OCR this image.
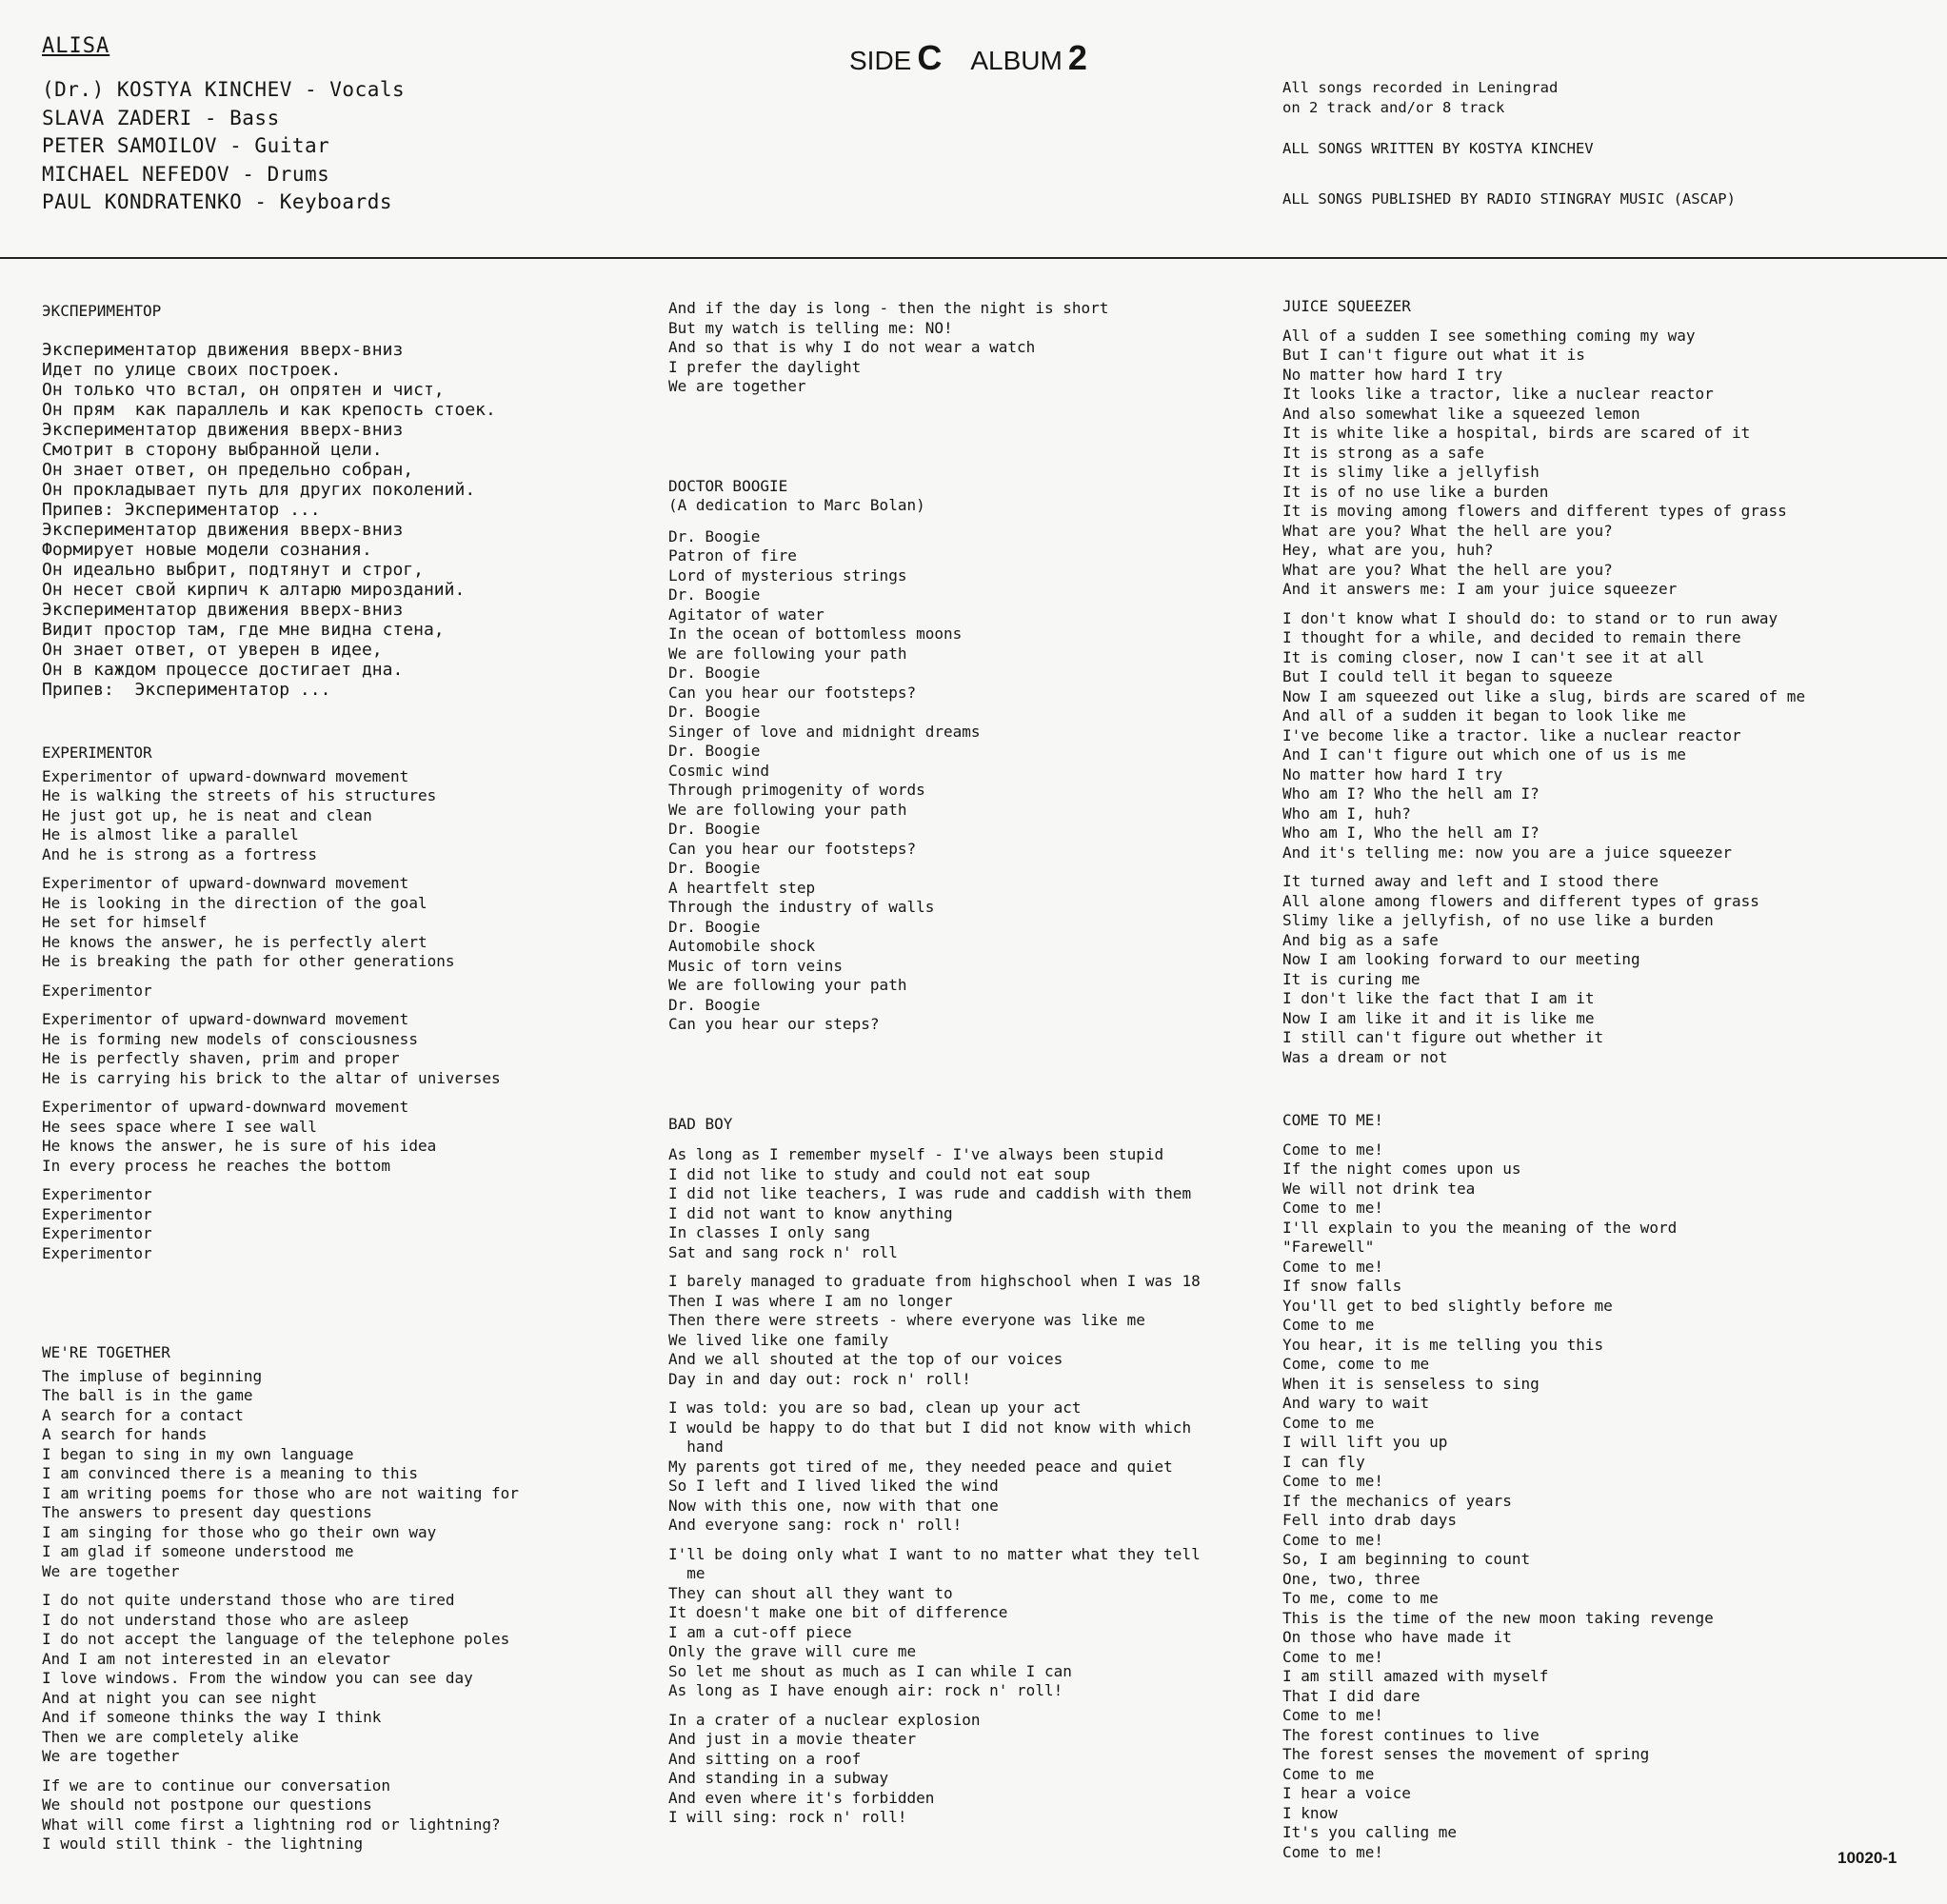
ALISA
(Dr.) KOSTYA KINCHEV - Vocals
SLAVA ZADERI - Bass
PETER SAMOILOV - Guitar
MICHAEL NEFEDOV - Drums
PAUL KONDRATENKO - Keyboards
SIDE C ALBUM 2
All songs recorded in Leningrad
on 2 track and/or 8 track
ALL SONGS WRITTEN BY KOSTYA KINCHEV
ALL SONGS PUBLISHED BY RADIO STINGRAY MUSIC (ASCAP)
ЭКСПЕРИМЕНТОР
Экспериментатор движения вверх-вниз
Идет по улице своих построек.
Он только что встал, он опрятен и чист,
Он прям  как параллель и как крепость стоек.
Экспериментатор движения вверх-вниз
Смотрит в сторону выбранной цели.
Он знает ответ, он предельно собран,
Он прокладывает путь для других поколений.
Припев: Экспериментатор ...
Экспериментатор движения вверх-вниз
Формирует новые модели сознания.
Он идеально выбрит, подтянут и строг,
Он несет свой кирпич к алтарю мирозданий.
Экспериментатор движения вверх-вниз
Видит простор там, где мне видна стена,
Он знает ответ, от уверен в идее,
Он в каждом процессе достигает дна.
Припев:  Экспериментатор ...
EXPERIMENTOR
Experimentor of upward-downward movement
He is walking the streets of his structures
He just got up, he is neat and clean
He is almost like a parallel
And he is strong as a fortress
Experimentor of upward-downward movement
He is looking in the direction of the goal
He set for himself
He knows the answer, he is perfectly alert
He is breaking the path for other generations
Experimentor
Experimentor of upward-downward movement
He is forming new models of consciousness
He is perfectly shaven, prim and proper
He is carrying his brick to the altar of universes
Experimentor of upward-downward movement
He sees space where I see wall
He knows the answer, he is sure of his idea
In every process he reaches the bottom
Experimentor
Experimentor
Experimentor
Experimentor
WE'RE TOGETHER
The impluse of beginning
The ball is in the game
A search for a contact
A search for hands
I began to sing in my own language
I am convinced there is a meaning to this
I am writing poems for those who are not waiting for
The answers to present day questions
I am singing for those who go their own way
I am glad if someone understood me
We are together
I do not quite understand those who are tired
I do not understand those who are asleep
I do not accept the language of the telephone poles
And I am not interested in an elevator
I love windows. From the window you can see day
And at night you can see night
And if someone thinks the way I think
Then we are completely alike
We are together
If we are to continue our conversation
We should not postpone our questions
What will come first a lightning rod or lightning?
I would still think - the lightning
And if the day is long - then the night is short
But my watch is telling me: NO!
And so that is why I do not wear a watch
I prefer the daylight
We are together
DOCTOR BOOGIE
(A dedication to Marc Bolan)
Dr. Boogie
Patron of fire
Lord of mysterious strings
Dr. Boogie
Agitator of water
In the ocean of bottomless moons
We are following your path
Dr. Boogie
Can you hear our footsteps?
Dr. Boogie
Singer of love and midnight dreams
Dr. Boogie
Cosmic wind
Through primogenity of words
We are following your path
Dr. Boogie
Can you hear our footsteps?
Dr. Boogie
A heartfelt step
Through the industry of walls
Dr. Boogie
Automobile shock
Music of torn veins
We are following your path
Dr. Boogie
Can you hear our steps?
BAD BOY
As long as I remember myself - I've always been stupid
I did not like to study and could not eat soup
I did not like teachers, I was rude and caddish with them
I did not want to know anything
In classes I only sang
Sat and sang rock n' roll
I barely managed to graduate from highschool when I was 18
Then I was where I am no longer
Then there were streets - where everyone was like me
We lived like one family
And we all shouted at the top of our voices
Day in and day out: rock n' roll!
I was told: you are so bad, clean up your act
I would be happy to do that but I did not know with which
hand
My parents got tired of me, they needed peace and quiet
So I left and I lived liked the wind
Now with this one, now with that one
And everyone sang: rock n' roll!
I'll be doing only what I want to no matter what they tell
me
They can shout all they want to
It doesn't make one bit of difference
I am a cut-off piece
Only the grave will cure me
So let me shout as much as I can while I can
As long as I have enough air: rock n' roll!
In a crater of a nuclear explosion
And just in a movie theater
And sitting on a roof
And standing in a subway
And even where it's forbidden
I will sing: rock n' roll!
JUICE SQUEEZER
All of a sudden I see something coming my way
But I can't figure out what it is
No matter how hard I try
It looks like a tractor, like a nuclear reactor
And also somewhat like a squeezed lemon
It is white like a hospital, birds are scared of it
It is strong as a safe
It is slimy like a jellyfish
It is of no use like a burden
It is moving among flowers and different types of grass
What are you? What the hell are you?
Hey, what are you, huh?
What are you? What the hell are you?
And it answers me: I am your juice squeezer
I don't know what I should do: to stand or to run away
I thought for a while, and decided to remain there
It is coming closer, now I can't see it at all
But I could tell it began to squeeze
Now I am squeezed out like a slug, birds are scared of me
And all of a sudden it began to look like me
I've become like a tractor. like a nuclear reactor
And I can't figure out which one of us is me
No matter how hard I try
Who am I? Who the hell am I?
Who am I, huh?
Who am I, Who the hell am I?
And it's telling me: now you are a juice squeezer
It turned away and left and I stood there
All alone among flowers and different types of grass
Slimy like a jellyfish, of no use like a burden
And big as a safe
Now I am looking forward to our meeting
It is curing me
I don't like the fact that I am it
Now I am like it and it is like me
I still can't figure out whether it
Was a dream or not
COME TO ME!
Come to me!
If the night comes upon us
We will not drink tea
Come to me!
I'll explain to you the meaning of the word
"Farewell"
Come to me!
If snow falls
You'll get to bed slightly before me
Come to me
You hear, it is me telling you this
Come, come to me
When it is senseless to sing
And wary to wait
Come to me
I will lift you up
I can fly
Come to me!
If the mechanics of years
Fell into drab days
Come to me!
So, I am beginning to count
One, two, three
To me, come to me
This is the time of the new moon taking revenge
On those who have made it
Come to me!
I am still amazed with myself
That I did dare
Come to me!
The forest continues to live
The forest senses the movement of spring
Come to me
I hear a voice
I know
It's you calling me
Come to me!	10020-1
